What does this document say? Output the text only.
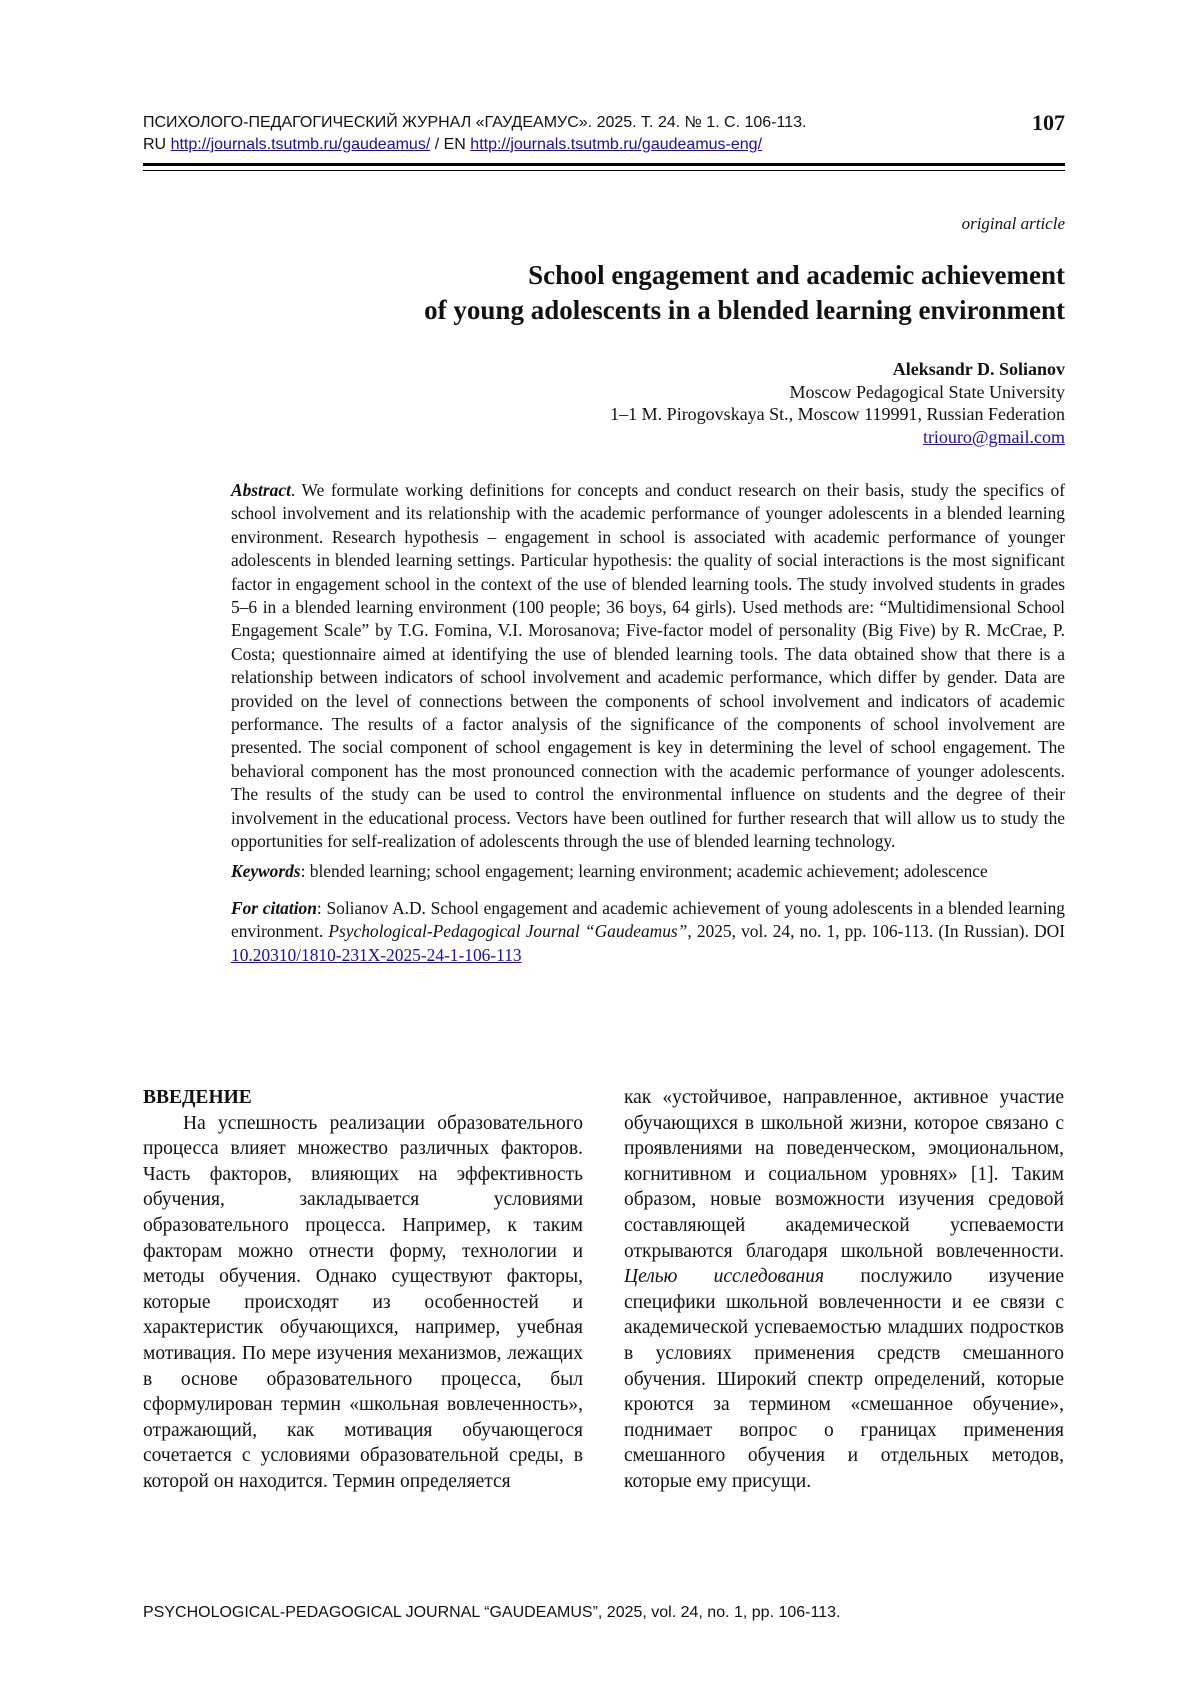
ПСИХОЛОГО-ПЕДАГОГИЧЕСКИЙ ЖУРНАЛ «ГАУДЕАМУС». 2025. Т. 24. № 1. С. 106-113.
RU http://journals.tsutmb.ru/gaudeamus/ / EN http://journals.tsutmb.ru/gaudeamus-eng/
107
original article
School engagement and academic achievement
of young adolescents in a blended learning environment
Aleksandr D. Solianov
Moscow Pedagogical State University
1–1 M. Pirogovskaya St., Moscow 119991, Russian Federation
triouro@gmail.com

Abstract. We formulate working definitions for concepts and conduct research on their basis, study the specifics of school involvement and its relationship with the academic performance of younger adolescents in a blended learning environment. Research hypothesis – engagement in school is associated with academic performance of younger adolescents in blended learning settings. Particular hypothesis: the quality of social interactions is the most significant factor in engagement school in the context of the use of blended learning tools. The study involved students in grades 5–6 in a blended learning environment (100 people; 36 boys, 64 girls). Used methods are: “Multidimensional School Engagement Scale” by T.G. Fomina, V.I. Morosanova; Five-factor model of personality (Big Five) by R. McCrae, P. Costa; questionnaire aimed at identifying the use of blended learning tools. The data obtained show that there is a relationship between indicators of school involvement and academic performance, which differ by gender. Data are provided on the level of connections between the components of school involvement and indicators of academic performance. The results of a factor analysis of the significance of the components of school involvement are presented. The social component of school engagement is key in determining the level of school engagement. The behavioral component has the most pronounced connection with the academic performance of younger adolescents. The results of the study can be used to control the environmental influence on students and the degree of their involvement in the educational process. Vectors have been outlined for further research that will allow us to study the opportunities for self-realization of adolescents through the use of blended learning technology.

Keywords: blended learning; school engagement; learning environment; academic achievement; adolescence

For citation: Solianov A.D. School engagement and academic achievement of young adolescents in a blended learning environment. Psychological-Pedagogical Journal “Gaudeamus”, 2025, vol. 24, no. 1, pp. 106-113. (In Russian). DOI 10.20310/1810-231X-2025-24-1-106-113

ВВЕДЕНИЕ

На успешность реализации образовательного процесса влияет множество различных факторов. Часть факторов, влияющих на эффективность обучения, закладывается условиями образовательного процесса. Например, к таким факторам можно отнести форму, технологии и методы обучения. Однако существуют факторы, которые происходят из особенностей и характеристик обучающихся, например, учебная мотивация. По мере изучения механизмов, лежащих в основе образовательного процесса, был сформулирован термин «школьная вовлеченность», отражающий, как мотивация обучающегося сочетается с условиями образовательной среды, в которой он находится. Термин определяется

как «устойчивое, направленное, активное участие обучающихся в школьной жизни, которое связано с проявлениями на поведенческом, эмоциональном, когнитивном и социальном уровнях» [1]. Таким образом, новые возможности изучения средовой составляющей академической успеваемости открываются благодаря школьной вовлеченности. Целью исследования послужило изучение специфики школьной вовлеченности и ее связи с академической успеваемостью младших подростков в условиях применения средств смешанного обучения. Широкий спектр определений, которые кроются за термином «смешанное обучение», поднимает вопрос о границах применения смешанного обучения и отдельных методов, которые ему присущи.

PSYCHOLOGICAL-PEDAGOGICAL JOURNAL “GAUDEAMUS”, 2025, vol. 24, no. 1, pp. 106-113.
